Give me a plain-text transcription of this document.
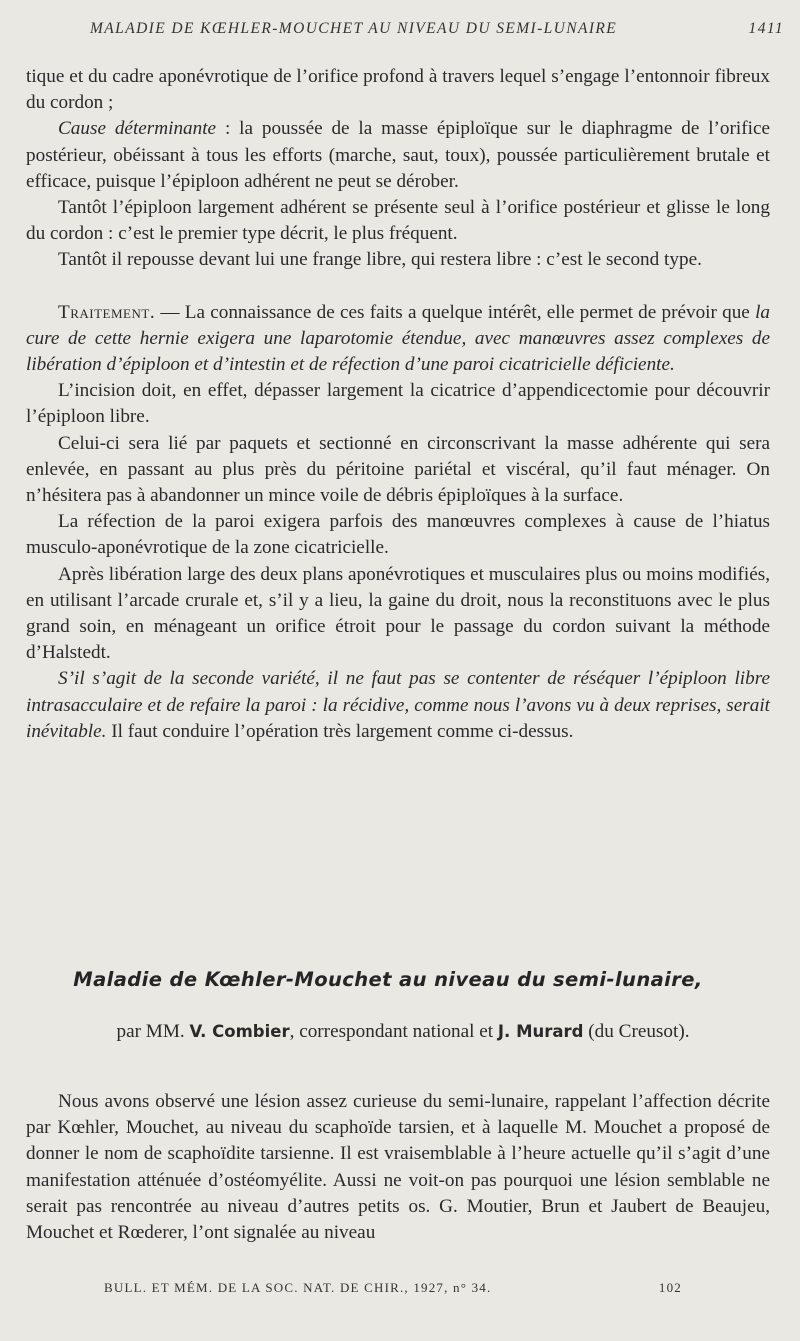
MALADIE DE KŒHLER-MOUCHET AU NIVEAU DU SEMI-LUNAIRE	1411

tique et du cadre aponévrotique de l’orifice profond à travers lequel s’engage l’entonnoir fibreux du cordon ;

Cause déterminante : la poussée de la masse épiploïque sur le diaphragme de l’orifice postérieur, obéissant à tous les efforts (marche, saut, toux), poussée particulièrement brutale et efficace, puisque l’épiploon adhérent ne peut se dérober.

Tantôt l’épiploon largement adhérent se présente seul à l’orifice postérieur et glisse le long du cordon : c’est le premier type décrit, le plus fréquent.

Tantôt il repousse devant lui une frange libre, qui restera libre : c’est le second type.

Traitement. — La connaissance de ces faits a quelque intérêt, elle permet de prévoir que la cure de cette hernie exigera une laparotomie étendue, avec manœuvres assez complexes de libération d’épiploon et d’intestin et de réfection d’une paroi cicatricielle déficiente.

L’incision doit, en effet, dépasser largement la cicatrice d’appendicectomie pour découvrir l’épiploon libre.

Celui-ci sera lié par paquets et sectionné en circonscrivant la masse adhérente qui sera enlevée, en passant au plus près du péritoine pariétal et viscéral, qu’il faut ménager. On n’hésitera pas à abandonner un mince voile de débris épiploïques à la surface.

La réfection de la paroi exigera parfois des manœuvres complexes à cause de l’hiatus musculo-aponévrotique de la zone cicatricielle.

Après libération large des deux plans aponévrotiques et musculaires plus ou moins modifiés, en utilisant l’arcade crurale et, s’il y a lieu, la gaine du droit, nous la reconstituons avec le plus grand soin, en ménageant un orifice étroit pour le passage du cordon suivant la méthode d’Halstedt.

S’il s’agit de la seconde variété, il ne faut pas se contenter de réséquer l’épiploon libre intrasacculaire et de refaire la paroi : la récidive, comme nous l’avons vu à deux reprises, serait inévitable. Il faut conduire l’opération très largement comme ci-dessus.

Maladie de Kœhler-Mouchet au niveau du semi-lunaire,
par MM. V. Combier, correspondant national et J. Murard (du Creusot).

Nous avons observé une lésion assez curieuse du semi-lunaire, rappelant l’affection décrite par Kœhler, Mouchet, au niveau du scaphoïde tarsien, et à laquelle M. Mouchet a proposé de donner le nom de scaphoïdite tarsienne. Il est vraisemblable à l’heure actuelle qu’il s’agit d’une manifestation atténuée d’ostéomyélite. Aussi ne voit-on pas pourquoi une lésion semblable ne serait pas rencontrée au niveau d’autres petits os. G. Moutier, Brun et Jaubert de Beaujeu, Mouchet et Rœderer, l’ont signalée au niveau

BULL. ET MÉM. DE LA SOC. NAT. DE CHIR., 1927, n° 34.	102
